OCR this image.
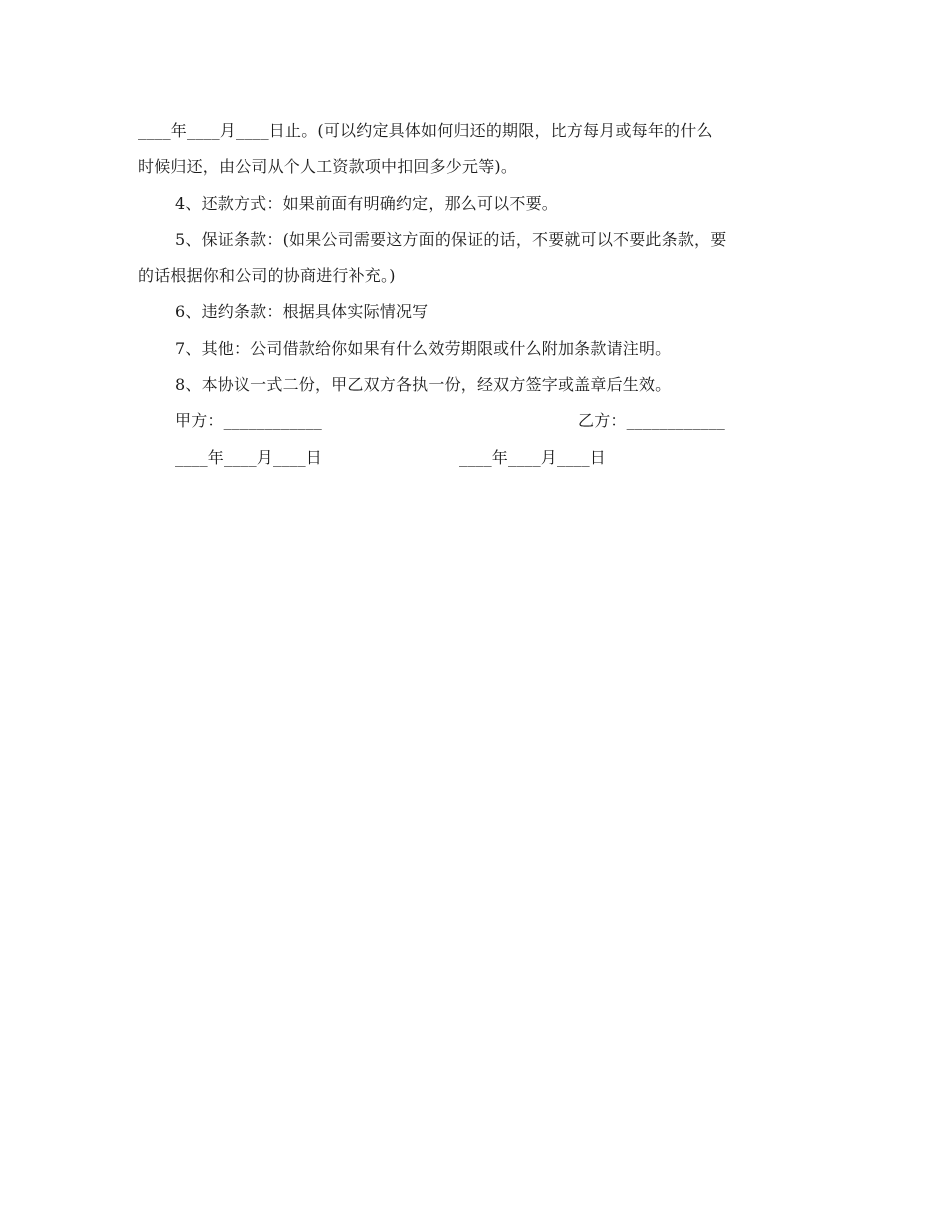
____年____月____日止。(可以约定具体如何归还的期限，比方每月或每年的什么
时候归还，由公司从个人工资款项中扣回多少元等)。
4、还款方式：如果前面有明确约定，那么可以不要。
5、保证条款：(如果公司需要这方面的保证的话，不要就可以不要此条款，要
的话根据你和公司的协商进行补充。)
6、违约条款：根据具体实际情况写
7、其他：公司借款给你如果有什么效劳期限或什么附加条款请注明。
8、本协议一式二份，甲乙双方各执一份，经双方签字或盖章后生效。
甲方：____________	乙方：____________
____年____月____日	____年____月____日
